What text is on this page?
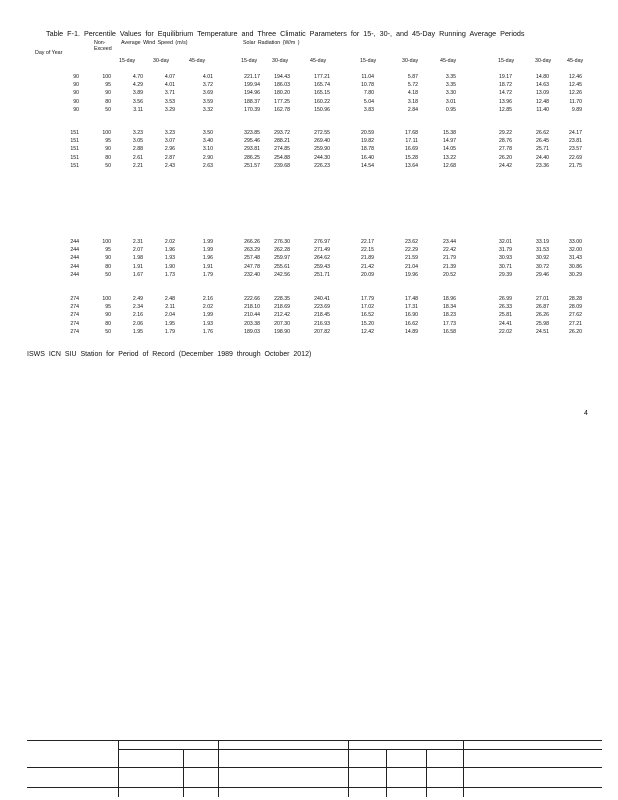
Table F-1. Percentile Values for Equilibrium Temperature and Three Climatic Parameters for 15-, 30-, and 45-Day Running Average Periods
Non-
Exceed
Day of Year
Average Wind Speed (m/s)	Solar Radiation (W/m )
15-day	30-day	45-day	15-day	30-day	45-day	15-day	30-day	45-day	15-day	30-day	45-day
90	100	4.70	4.07	4.01	221.17	194.43	177.21	11.04	5.87	3.35	19.17	14.80	12.46
90	95	4.29	4.01	3.72	199.94	186.03	165.74	10.78	5.72	3.35	18.72	14.63	12.45
90	90	3.89	3.71	3.69	194.96	180.20	165.15	7.80	4.18	3.30	14.72	13.09	12.26
90	80	3.56	3.53	3.59	188.37	177.25	160.22	5.04	3.18	3.01	13.96	12.48	11.70
90	50	3.11	3.29	3.32	170.39	162.78	150.96	3.83	2.84	0.95	12.85	11.40	9.89
151	100	3.23	3.23	3.50	323.85	293.72	272.55	20.59	17.68	15.38	29.22	26.62	24.17
151	95	3.05	3.07	3.40	295.46	288.21	269.40	19.82	17.11	14.97	28.76	26.45	23.81
151	90	2.88	2.96	3.10	293.81	274.85	259.90	18.78	16.69	14.05	27.78	25.71	23.57
151	80	2.61	2.87	2.90	286.25	254.88	244.30	16.40	15.28	13.22	26.20	24.40	22.69
151	50	2.21	2.43	2.63	251.57	239.68	226.23	14.54	13.64	12.68	24.42	23.36	21.75
244	100	2.31	2.02	1.99	266.26	276.30	276.97	22.17	23.62	23.44	32.01	33.19	33.00
244	95	2.07	1.96	1.99	263.29	262.28	271.49	22.15	22.29	22.42	31.79	31.53	32.00
244	90	1.98	1.93	1.96	257.48	259.97	264.62	21.89	21.59	21.79	30.93	30.92	31.43
244	80	1.91	1.90	1.91	247.78	255.61	259.43	21.42	21.04	21.39	30.71	30.72	30.86
244	50	1.67	1.73	1.79	232.40	242.56	251.71	20.09	19.96	20.52	29.39	29.46	30.29
274	100	2.49	2.48	2.16	222.66	228.35	240.41	17.79	17.48	18.96	26.99	27.01	28.28
274	95	2.34	2.11	2.02	218.10	218.69	223.69	17.02	17.31	18.34	26.33	26.87	28.09
274	90	2.16	2.04	1.99	210.44	212.42	218.45	16.52	16.90	18.23	25.81	26.26	27.62
274	80	2.06	1.95	1.93	203.38	207.30	216.93	15.20	16.62	17.73	24.41	25.98	27.21
274	50	1.95	1.79	1.76	189.03	198.90	207.82	12.42	14.89	16.58	22.02	24.51	26.20
ISWS ICN SIU Station for Period of Record (December 1989 through October 2012)
4
